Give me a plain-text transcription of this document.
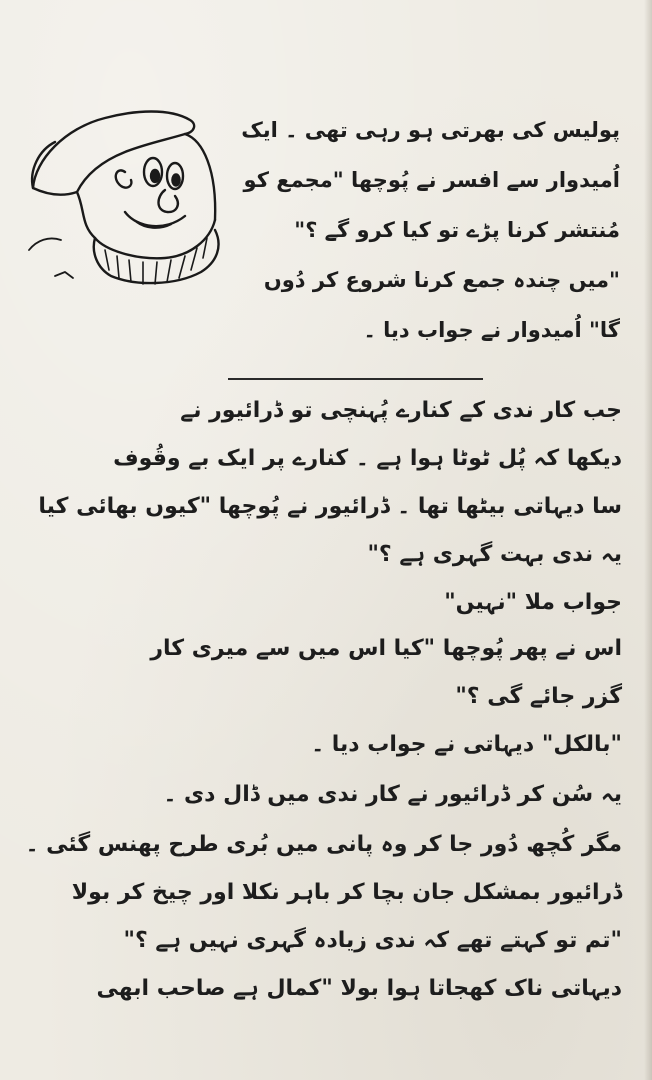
پولیس کی بھرتی ہو رہی تھی ۔ ایک
اُمیدوار سے افسر نے پُوچھا "مجمع کو
مُنتشر کرنا پڑے تو کیا کرو گے ؟"
"میں چندہ جمع کرنا شروع کر دُوں
گا" اُمیدوار نے جواب دیا ۔
جب کار ندی کے کنارے پُہنچی تو ڈرائیور نے
دیکھا کہ پُل ٹوٹا ہوا ہے ۔ کنارے پر ایک بے وقُوف
سا دیہاتی بیٹھا تھا ۔ ڈرائیور نے پُوچھا "کیوں بھائی کیا
یہ ندی بہت گہری ہے ؟"
جواب ملا "نہیں"
اس نے پھر پُوچھا "کیا اس میں سے میری کار
گزر جائے گی ؟"
"بالکل" دیہاتی نے جواب دیا ۔
یہ سُن کر ڈرائیور نے کار ندی میں ڈال دی ۔
مگر کُچھ دُور جا کر وہ پانی میں بُری طرح پھنس گئی ۔
ڈرائیور بمشکل جان بچا کر باہر نکلا اور چیخ کر بولا
"تم تو کہتے تھے کہ ندی زیادہ گہری نہیں ہے ؟"
دیہاتی ناک کھجاتا ہوا بولا "کمال ہے صاحب ابھی
